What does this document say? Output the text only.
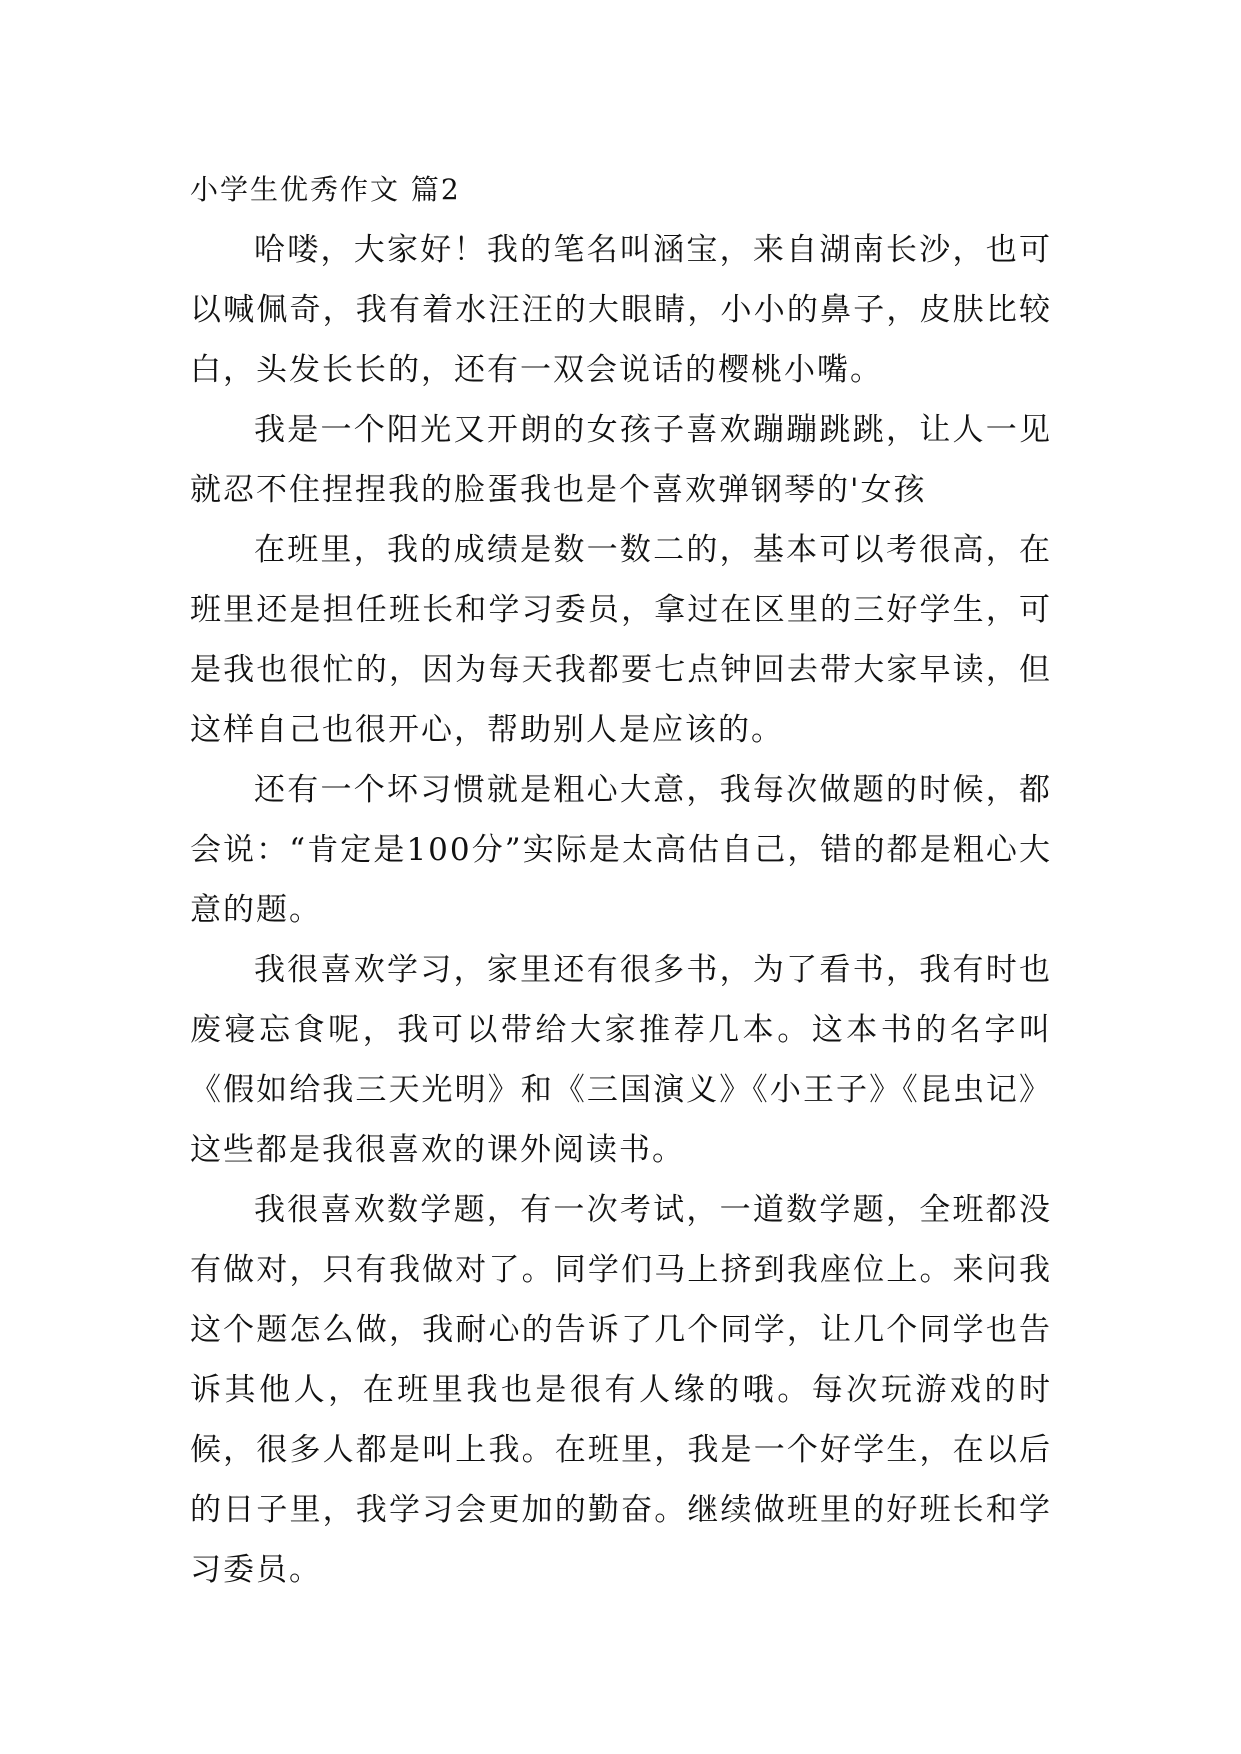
小学生优秀作文 篇2

哈喽，大家好！我的笔名叫涵宝，来自湖南长沙，也可以喊佩奇，我有着水汪汪的大眼睛，小小的鼻子，皮肤比较白，头发长长的，还有一双会说话的樱桃小嘴。

我是一个阳光又开朗的女孩子喜欢蹦蹦跳跳，让人一见就忍不住捏捏我的脸蛋我也是个喜欢弹钢琴的'女孩

在班里，我的成绩是数一数二的，基本可以考很高，在班里还是担任班长和学习委员，拿过在区里的三好学生，可是我也很忙的，因为每天我都要七点钟回去带大家早读，但这样自己也很开心，帮助别人是应该的。

还有一个坏习惯就是粗心大意，我每次做题的时候，都会说：“肯定是100分”实际是太高估自己，错的都是粗心大意的题。

我很喜欢学习，家里还有很多书，为了看书，我有时也废寝忘食呢，我可以带给大家推荐几本。这本书的名字叫《假如给我三天光明》和《三国演义》《小王子》《昆虫记》这些都是我很喜欢的课外阅读书。

我很喜欢数学题，有一次考试，一道数学题，全班都没有做对，只有我做对了。同学们马上挤到我座位上。来问我这个题怎么做，我耐心的告诉了几个同学，让几个同学也告诉其他人，在班里我也是很有人缘的哦。每次玩游戏的时候，很多人都是叫上我。在班里，我是一个好学生，在以后的日子里，我学习会更加的勤奋。继续做班里的好班长和学习委员。
